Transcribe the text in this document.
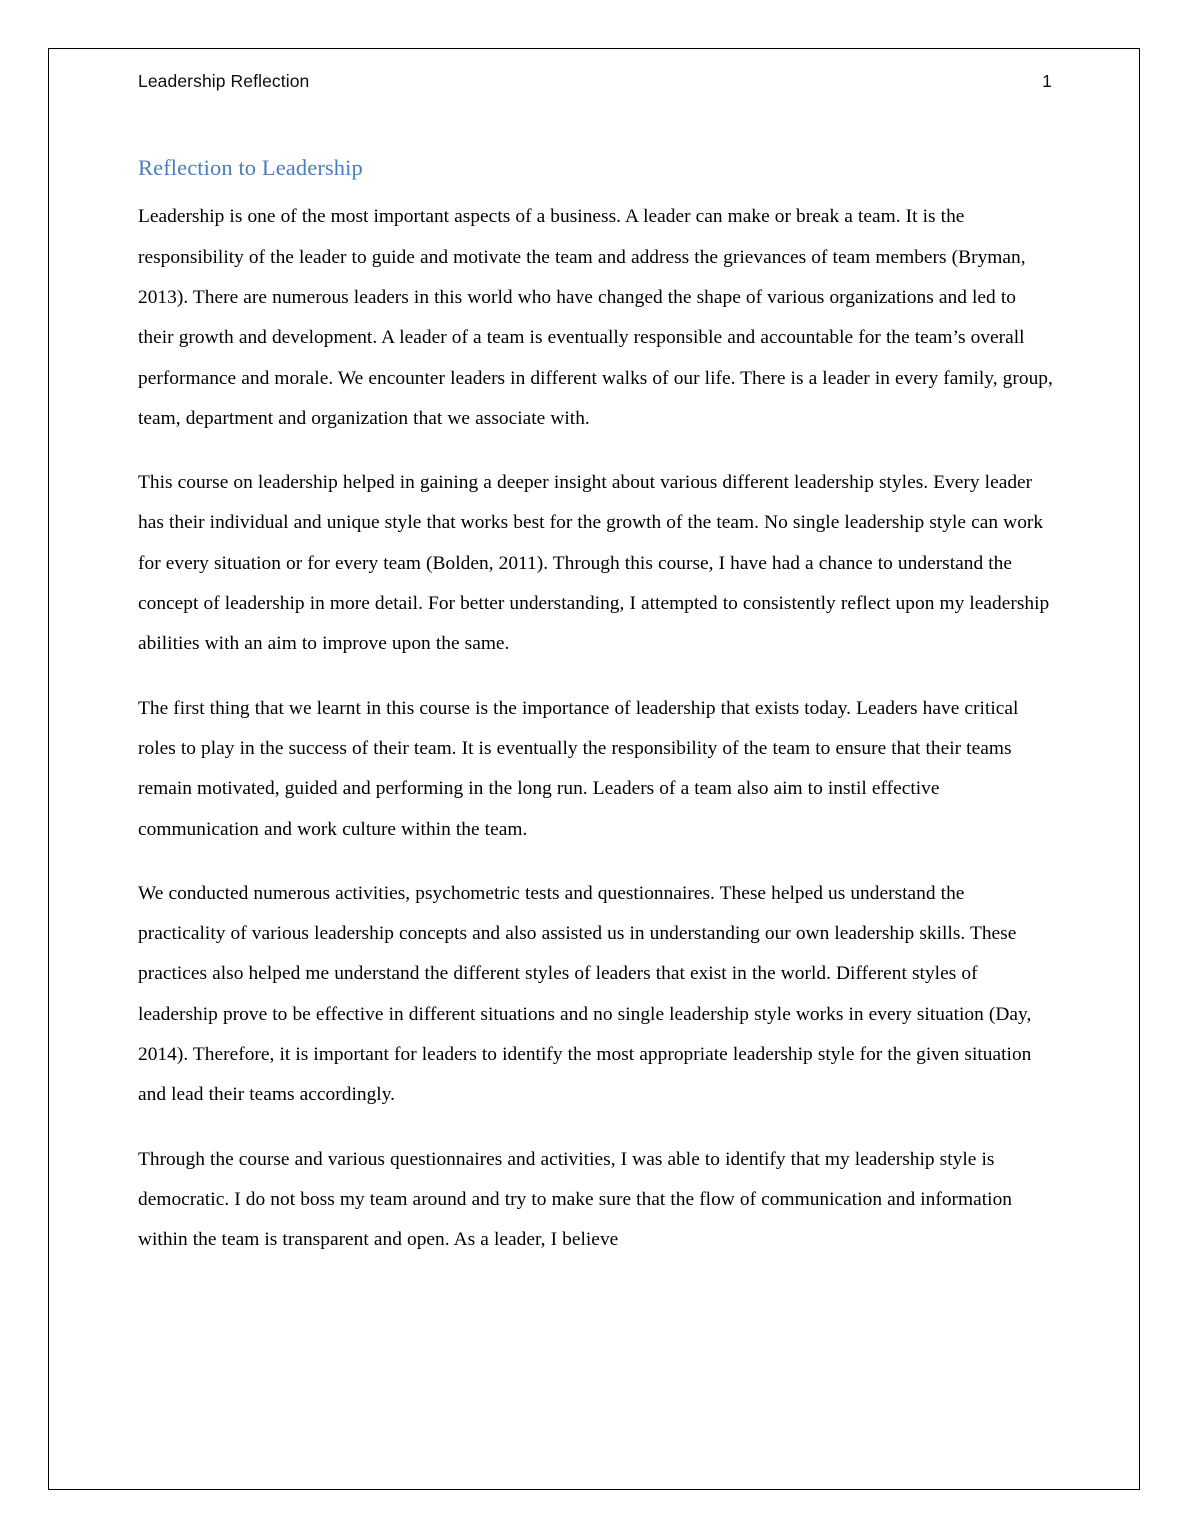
Leadership Reflection	1
Reflection to Leadership

Leadership is one of the most important aspects of a business. A leader can make or break a team. It is the responsibility of the leader to guide and motivate the team and address the grievances of team members (Bryman, 2013). There are numerous leaders in this world who have changed the shape of various organizations and led to their growth and development. A leader of a team is eventually responsible and accountable for the team’s overall performance and morale. We encounter leaders in different walks of our life. There is a leader in every family, group, team, department and organization that we associate with.

This course on leadership helped in gaining a deeper insight about various different leadership styles. Every leader has their individual and unique style that works best for the growth of the team. No single leadership style can work for every situation or for every team (Bolden, 2011). Through this course, I have had a chance to understand the concept of leadership in more detail. For better understanding, I attempted to consistently reflect upon my leadership abilities with an aim to improve upon the same.

The first thing that we learnt in this course is the importance of leadership that exists today. Leaders have critical roles to play in the success of their team. It is eventually the responsibility of the team to ensure that their teams remain motivated, guided and performing in the long run. Leaders of a team also aim to instil effective communication and work culture within the team.

We conducted numerous activities, psychometric tests and questionnaires. These helped us understand the practicality of various leadership concepts and also assisted us in understanding our own leadership skills. These practices also helped me understand the different styles of leaders that exist in the world. Different styles of leadership prove to be effective in different situations and no single leadership style works in every situation (Day, 2014). Therefore, it is important for leaders to identify the most appropriate leadership style for the given situation and lead their teams accordingly.

Through the course and various questionnaires and activities, I was able to identify that my leadership style is democratic. I do not boss my team around and try to make sure that the flow of communication and information within the team is transparent and open. As a leader, I believe
